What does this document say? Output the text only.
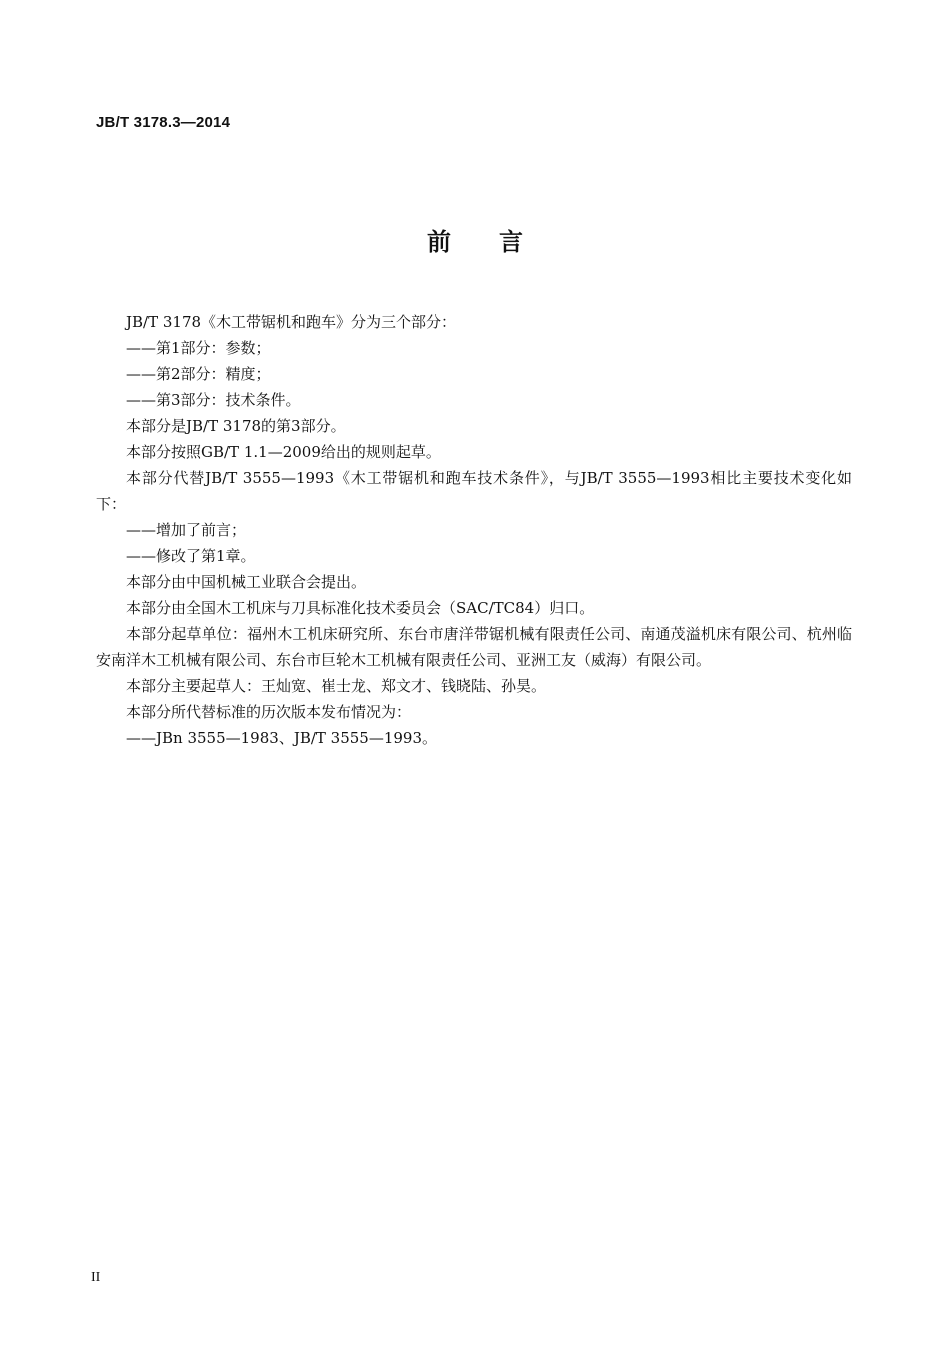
JB/T 3178.3—2014
前言

JB/T 3178《木工带锯机和跑车》分为三个部分：

——第1部分：参数；

——第2部分：精度；

——第3部分：技术条件。

本部分是JB/T 3178的第3部分。

本部分按照GB/T 1.1—2009给出的规则起草。

本部分代替JB/T 3555—1993《木工带锯机和跑车技术条件》，与JB/T 3555—1993相比主要技术变化如下：

——增加了前言；

——修改了第1章。

本部分由中国机械工业联合会提出。

本部分由全国木工机床与刀具标准化技术委员会（SAC/TC84）归口。

本部分起草单位：福州木工机床研究所、东台市唐洋带锯机械有限责任公司、南通茂溢机床有限公司、杭州临安南洋木工机械有限公司、东台市巨轮木工机械有限责任公司、亚洲工友（威海）有限公司。

本部分主要起草人：王灿宽、崔士龙、郑文才、钱晓陆、孙昊。

本部分所代替标准的历次版本发布情况为：

——JBn 3555—1983、JB/T 3555—1993。

II
